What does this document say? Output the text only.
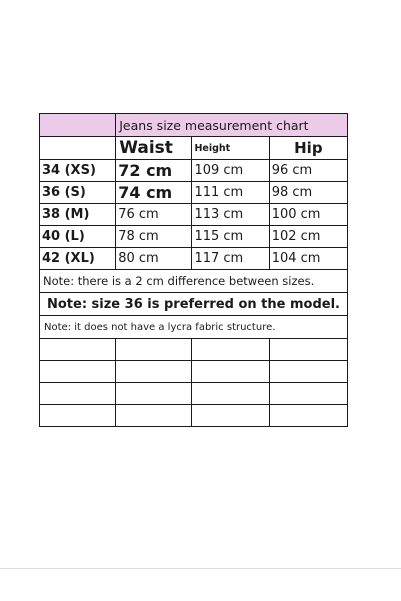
	Jeans size measurement chart		
	Waist	Height	Hip
34 (XS)	72 cm	109 cm	96 cm
36 (S)	74 cm	111 cm	98 cm
38 (M)	76 cm	113 cm	100 cm
40 (L)	78 cm	115 cm	102 cm
42 (XL)	80 cm	117 cm	104 cm
Note: there is a 2 cm difference between sizes.			
Note: size 36 is preferred on the model.			
Note: it does not have a lycra fabric structure.			
